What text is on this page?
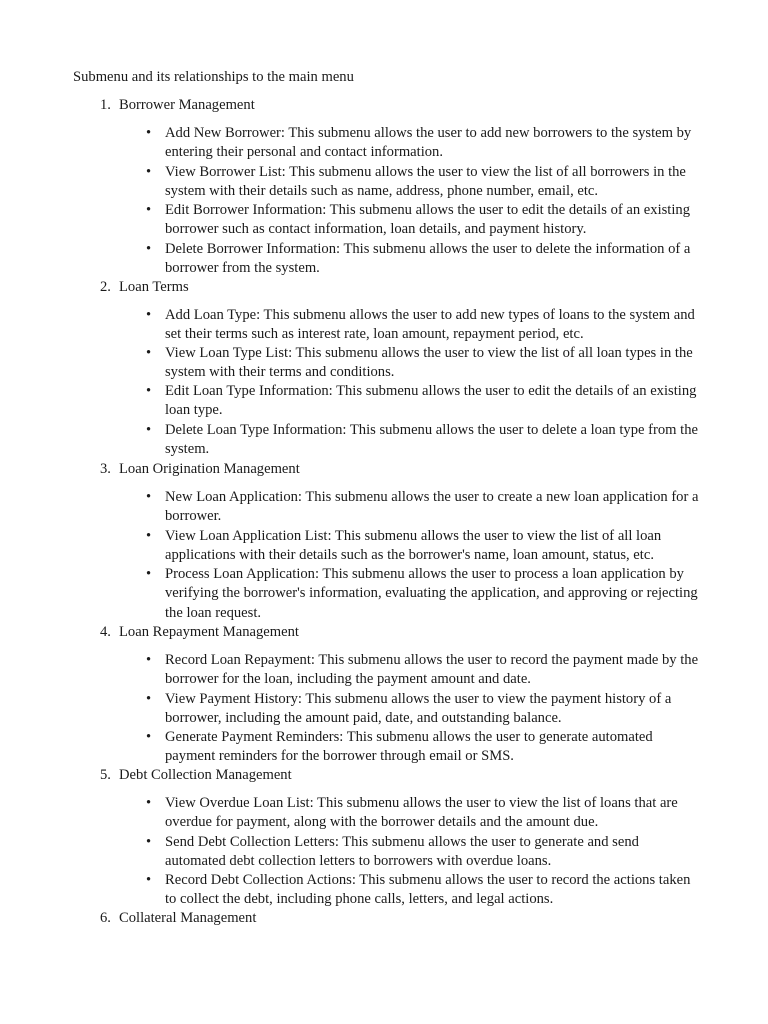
Submenu and its relationships to the main menu
1. Borrower Management
• Add New Borrower: This submenu allows the user to add new borrowers to the system by entering their personal and contact information.
• View Borrower List: This submenu allows the user to view the list of all borrowers in the system with their details such as name, address, phone number, email, etc.
• Edit Borrower Information: This submenu allows the user to edit the details of an existing borrower such as contact information, loan details, and payment history.
• Delete Borrower Information: This submenu allows the user to delete the information of a borrower from the system.
2. Loan Terms
• Add Loan Type: This submenu allows the user to add new types of loans to the system and set their terms such as interest rate, loan amount, repayment period, etc.
• View Loan Type List: This submenu allows the user to view the list of all loan types in the system with their terms and conditions.
• Edit Loan Type Information: This submenu allows the user to edit the details of an existing loan type.
• Delete Loan Type Information: This submenu allows the user to delete a loan type from the system.
3. Loan Origination Management
• New Loan Application: This submenu allows the user to create a new loan application for a borrower.
• View Loan Application List: This submenu allows the user to view the list of all loan applications with their details such as the borrower's name, loan amount, status, etc.
• Process Loan Application: This submenu allows the user to process a loan application by verifying the borrower's information, evaluating the application, and approving or rejecting the loan request.
4. Loan Repayment Management
• Record Loan Repayment: This submenu allows the user to record the payment made by the borrower for the loan, including the payment amount and date.
• View Payment History: This submenu allows the user to view the payment history of a borrower, including the amount paid, date, and outstanding balance.
• Generate Payment Reminders: This submenu allows the user to generate automated payment reminders for the borrower through email or SMS.
5. Debt Collection Management
• View Overdue Loan List: This submenu allows the user to view the list of loans that are overdue for payment, along with the borrower details and the amount due.
• Send Debt Collection Letters: This submenu allows the user to generate and send automated debt collection letters to borrowers with overdue loans.
• Record Debt Collection Actions: This submenu allows the user to record the actions taken to collect the debt, including phone calls, letters, and legal actions.
6. Collateral Management
